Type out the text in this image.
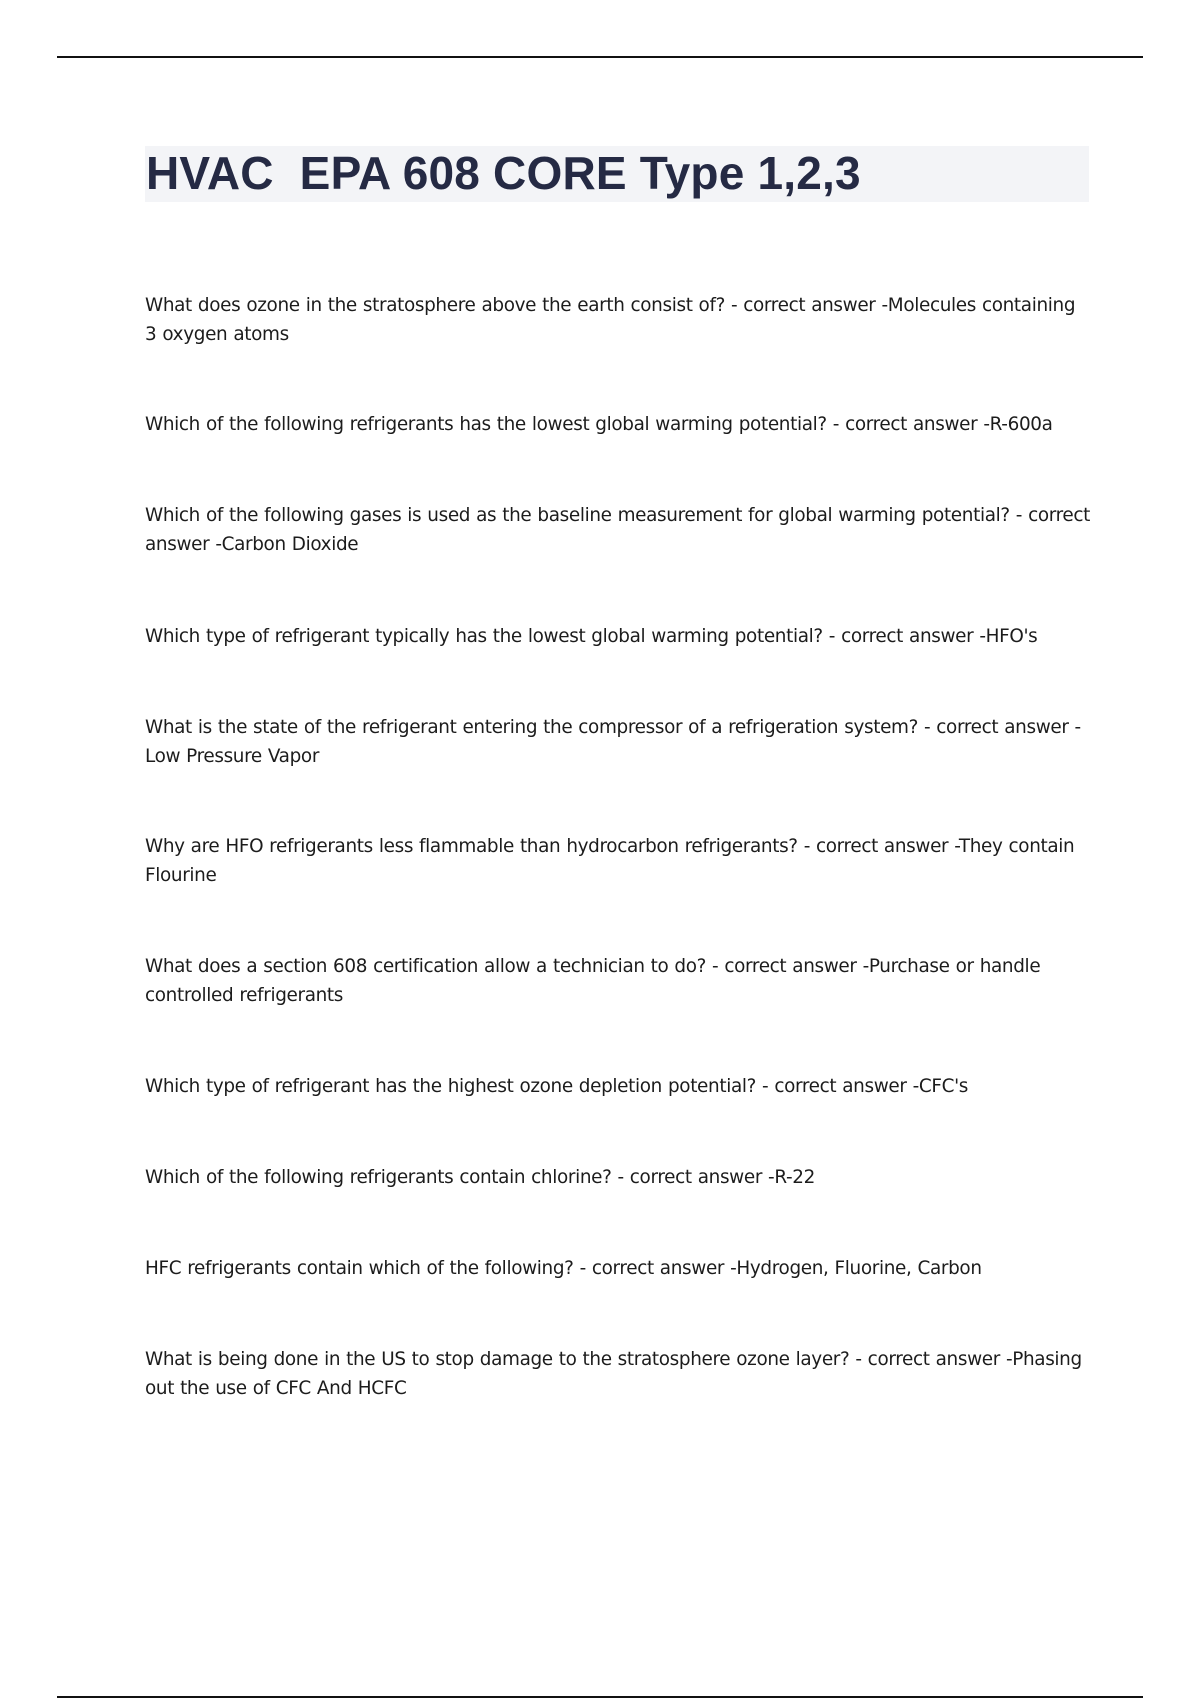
HVAC  EPA 608 CORE Type 1,2,3
What does ozone in the stratosphere above the earth consist of? - correct answer -Molecules containing 3 oxygen atoms
Which of the following refrigerants has the lowest global warming potential? - correct answer -R-600a
Which of the following gases is used as the baseline measurement for global warming potential? - correct answer -Carbon Dioxide
Which type of refrigerant typically has the lowest global warming potential? - correct answer -HFO's
What is the state of the refrigerant entering the compressor of a refrigeration system? - correct answer - Low Pressure Vapor
Why are HFO refrigerants less flammable than hydrocarbon refrigerants? - correct answer -They contain Flourine
What does a section 608 certification allow a technician to do? - correct answer -Purchase or handle controlled refrigerants
Which type of refrigerant has the highest ozone depletion potential? - correct answer -CFC's
Which of the following refrigerants contain chlorine? - correct answer -R-22
HFC refrigerants contain which of the following? - correct answer -Hydrogen, Fluorine, Carbon
What is being done in the US to stop damage to the stratosphere ozone layer? - correct answer -Phasing out the use of CFC And HCFC
